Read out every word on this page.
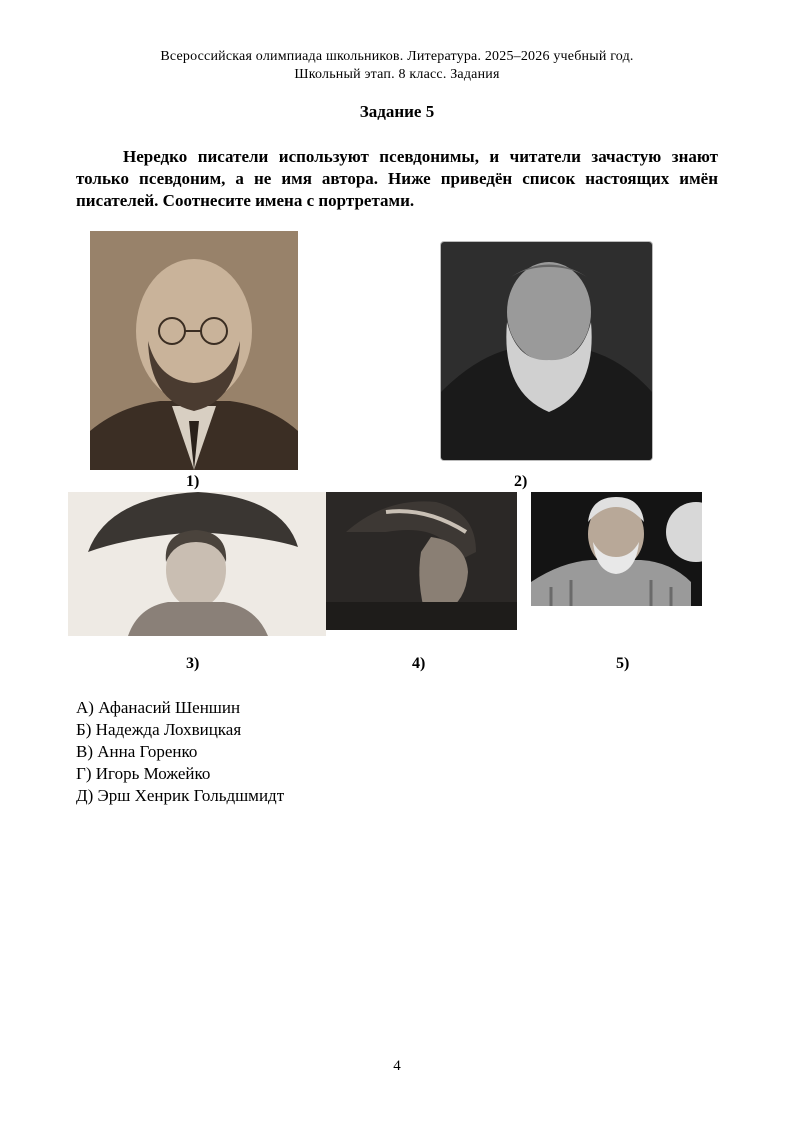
Всероссийская олимпиада школьников. Литература. 2025–2026 учебный год.
Школьный этап. 8 класс. Задания
Задание 5
Нередко писатели используют псевдонимы, и читатели зачастую знают только псевдоним, а не имя автора. Ниже приведён список настоящих имён писателей. Соотнесите имена с портретами.
1)	2)
3)	4)	5)
А) Афанасий Шеншин
Б) Надежда Лохвицкая
В) Анна Горенко
Г) Игорь Можейко
Д) Эрш Хенрик Гольдшмидт
4
